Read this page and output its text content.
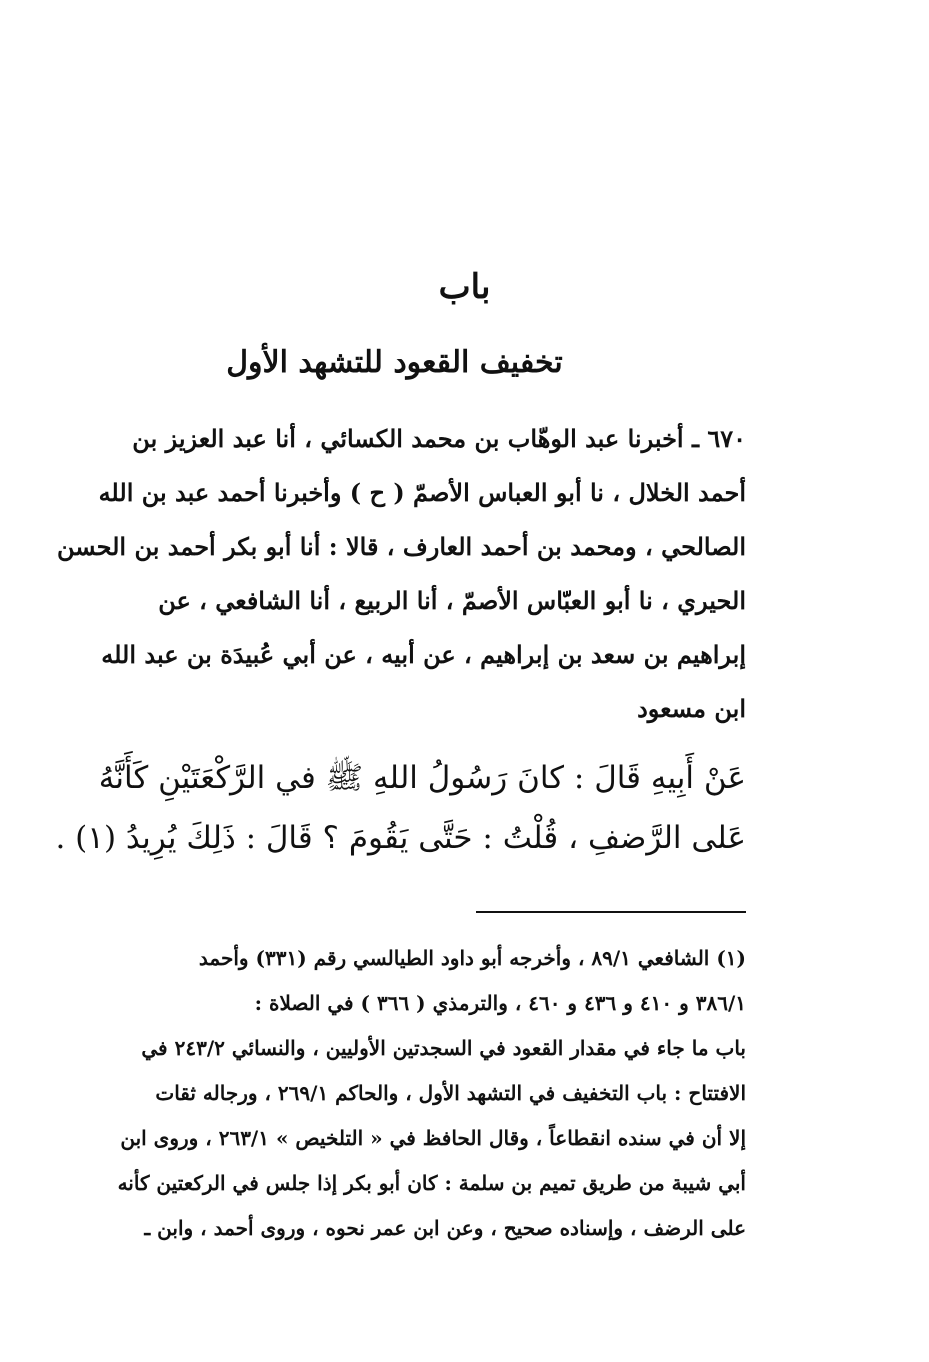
باب
تخفيف القعود للتشهد الأول
٦٧٠ ـ أخبرنا عبد الوهّاب بن محمد الكسائي ، أنا عبد العزيز بن
أحمد الخلال ، نا أبو العباس الأصمّ ( ح ) وأخبرنا أحمد عبد بن الله
الصالحي ، ومحمد بن أحمد العارف ، قالا : أنا أبو بكر أحمد بن الحسن
الحيري ، نا أبو العبّاس الأصمّ ، أنا الربيع ، أنا الشافعي ، عن
إبراهيم بن سعد بن إبراهيم ، عن أبيه ، عن أبي عُبيدَة بن عبد الله
ابن مسعود
عَنْ أَبِيهِ قَالَ : كانَ رَسُولُ اللهِ ﷺ في الرَّكْعَتَيْنِ كَأَنَّهُ
عَلى الرَّضفِ ، قُلْتُ : حَتَّى يَقُومَ ؟ قَالَ : ذَلِكَ يُرِيدُ (١) .
(١) الشافعي ٨٩/١ ، وأخرجه أبو داود الطيالسي رقم (٣٣١) وأحمد
٣٨٦/١ و ٤١٠ و ٤٣٦ و ٤٦٠ ، والترمذي ( ٣٦٦ ) في الصلاة :
باب ما جاء في مقدار القعود في السجدتين الأوليين ، والنسائي ٢٤٣/٢ في
الافتتاح : باب التخفيف في التشهد الأول ، والحاكم ٢٦٩/١ ، ورجاله ثقات
إلا أن في سنده انقطاعاً ، وقال الحافظ في « التلخيص » ٢٦٣/١ ، وروى ابن
أبي شيبة من طريق تميم بن سلمة : كان أبو بكر إذا جلس في الركعتين كأنه
على الرضف ، وإسناده صحيح ، وعن ابن عمر نحوه ، وروى أحمد ، وابن ـ
